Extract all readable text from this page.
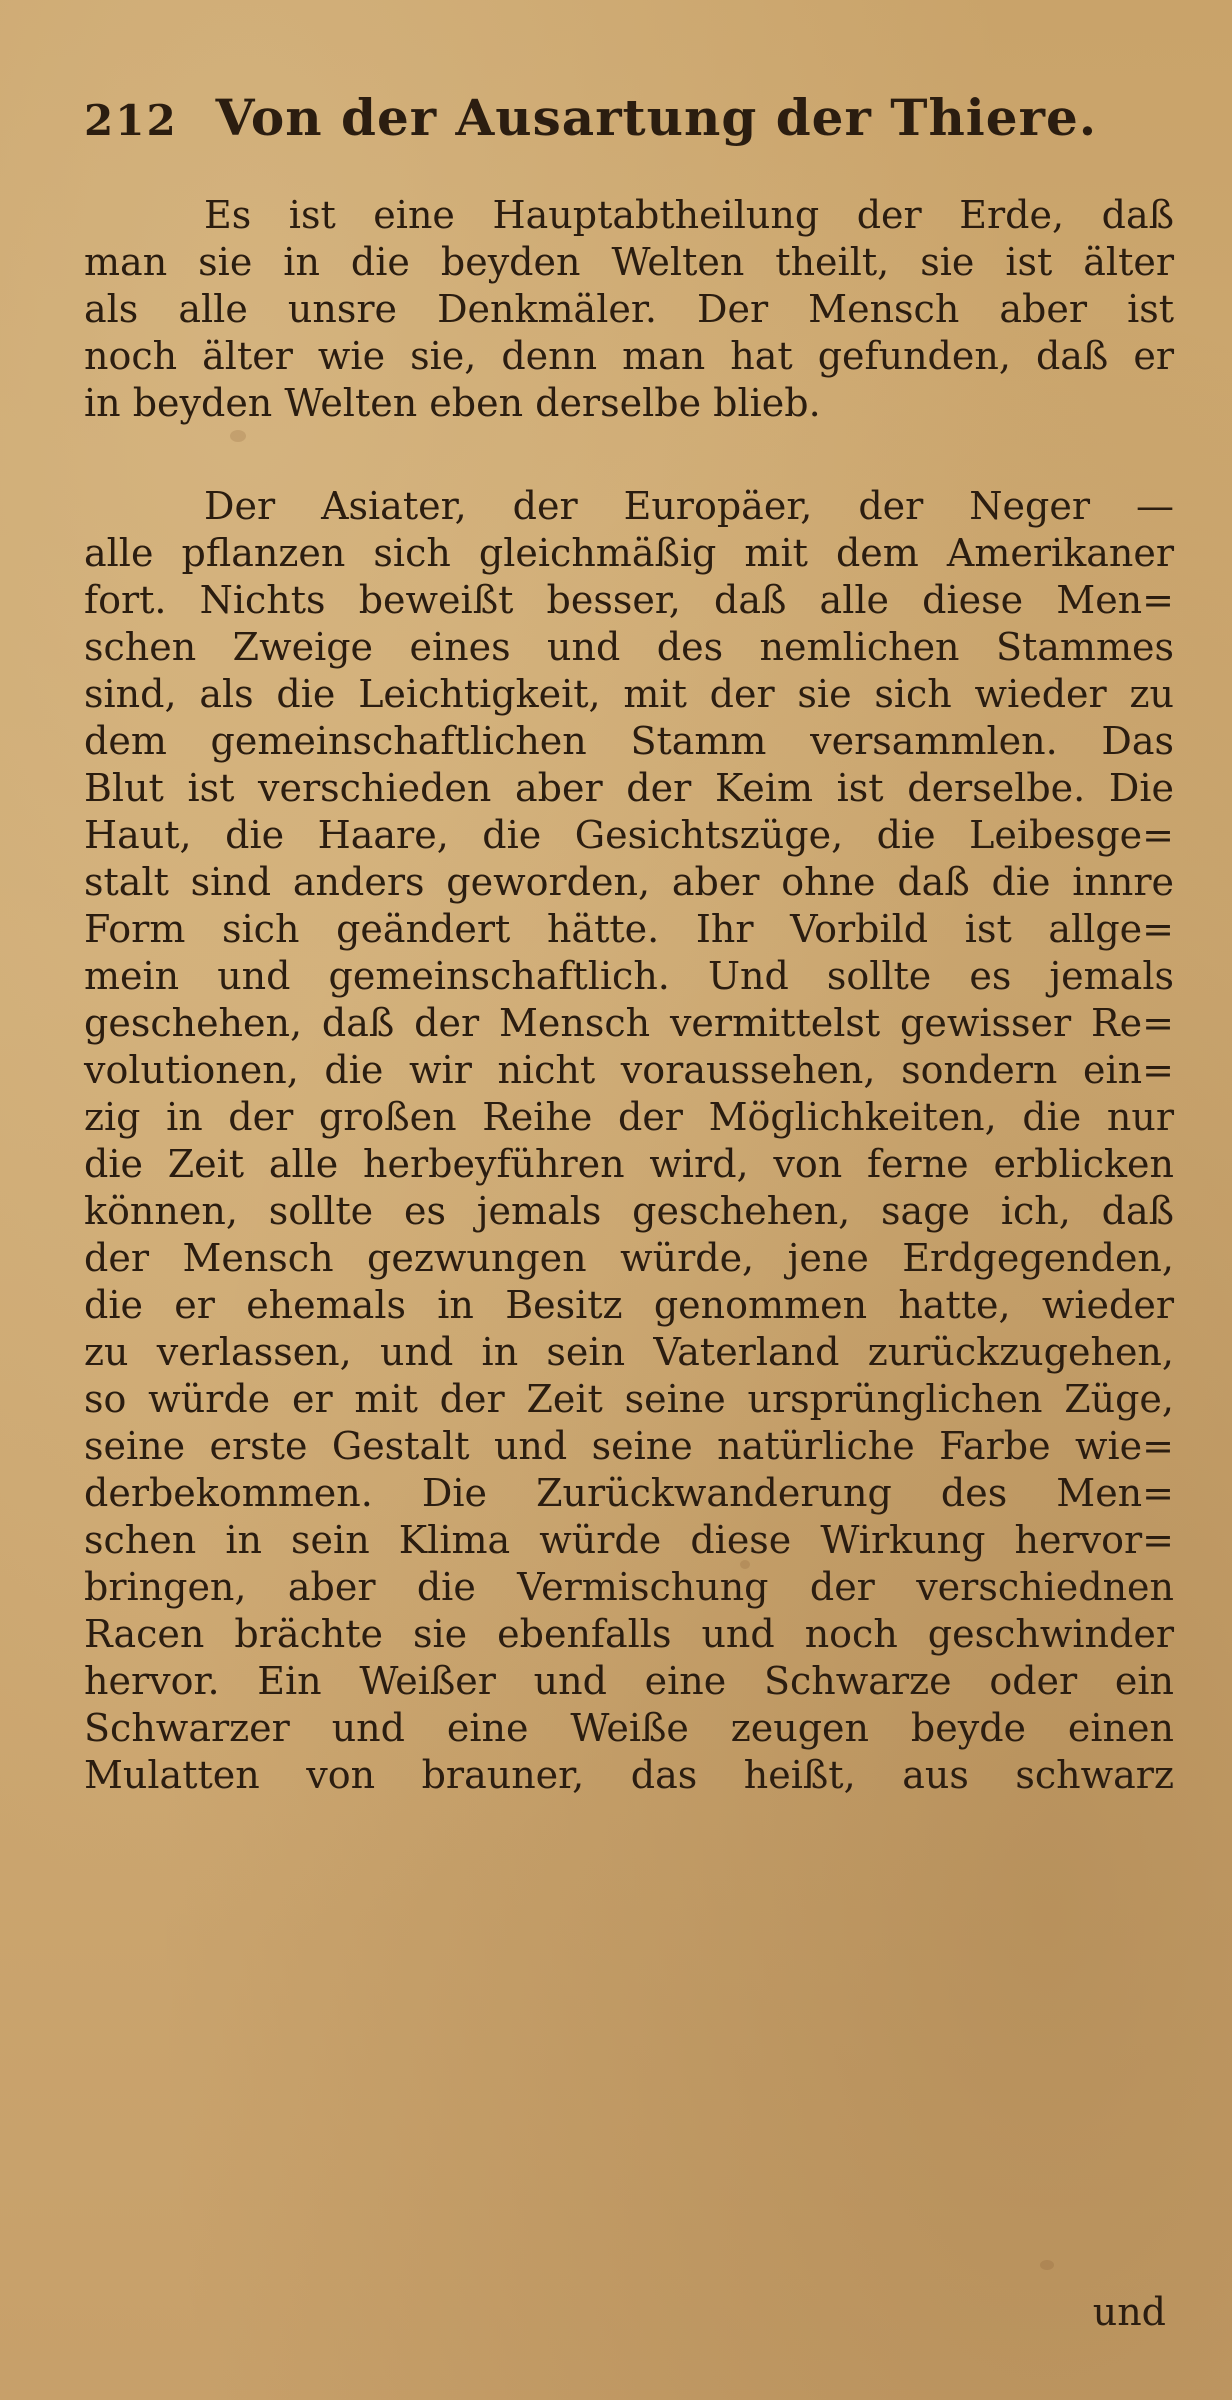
212 Von der Ausartung der Thiere.
Es ist eine Hauptabtheilung der Erde, daß
man sie in die beyden Welten theilt, sie ist älter
als alle unsre Denkmäler. Der Mensch aber ist
noch älter wie sie, denn man hat gefunden, daß er
in beyden Welten eben derselbe blieb.
Der Asiater, der Europäer, der Neger —
alle pflanzen sich gleichmäßig mit dem Amerikaner
fort. Nichts beweißt besser, daß alle diese Men=
schen Zweige eines und des nemlichen Stammes
sind, als die Leichtigkeit, mit der sie sich wieder zu
dem gemeinschaftlichen Stamm versammlen. Das
Blut ist verschieden aber der Keim ist derselbe. Die
Haut, die Haare, die Gesichtszüge, die Leibesge=
stalt sind anders geworden, aber ohne daß die innre
Form sich geändert hätte. Ihr Vorbild ist allge=
mein und gemeinschaftlich. Und sollte es jemals
geschehen, daß der Mensch vermittelst gewisser Re=
volutionen, die wir nicht voraussehen, sondern ein=
zig in der großen Reihe der Möglichkeiten, die nur
die Zeit alle herbeyführen wird, von ferne erblicken
können, sollte es jemals geschehen, sage ich, daß
der Mensch gezwungen würde, jene Erdgegenden,
die er ehemals in Besitz genommen hatte, wieder
zu verlassen, und in sein Vaterland zurückzugehen,
so würde er mit der Zeit seine ursprünglichen Züge,
seine erste Gestalt und seine natürliche Farbe wie=
derbekommen. Die Zurückwanderung des Men=
schen in sein Klima würde diese Wirkung hervor=
bringen, aber die Vermischung der verschiednen
Racen brächte sie ebenfalls und noch geschwinder
hervor. Ein Weißer und eine Schwarze oder ein
Schwarzer und eine Weiße zeugen beyde einen
Mulatten von brauner, das heißt, aus schwarz
und
